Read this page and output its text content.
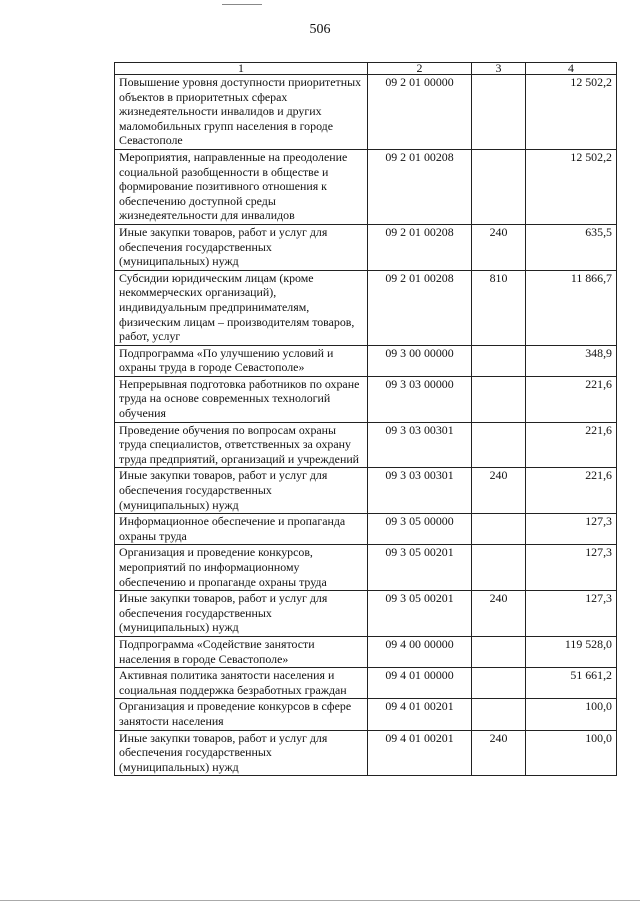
506
1	2	3	4
Повышение уровня доступности приоритетных объектов в приоритетных сферах жизнедеятельности инвалидов и других маломобильных групп населения в городе Севастополе	09 2 01 00000		12 502,2
Мероприятия, направленные на преодоление социальной разобщенности в обществе и формирование позитивного отношения к обеспечению доступной среды жизнедеятельности для инвалидов	09 2 01 00208		12 502,2
Иные закупки товаров, работ и услуг для обеспечения государственных (муниципальных) нужд	09 2 01 00208	240	635,5
Субсидии юридическим лицам (кроме некоммерческих организаций), индивидуальным предпринимателям, физическим лицам – производителям товаров, работ, услуг	09 2 01 00208	810	11 866,7
Подпрограмма «По улучшению условий и охраны труда в городе Севастополе»	09 3 00 00000		348,9
Непрерывная подготовка работников по охране труда на основе современных технологий обучения	09 3 03 00000		221,6
Проведение обучения по вопросам охраны труда специалистов, ответственных за охрану труда предприятий, организаций и учреждений	09 3 03 00301		221,6
Иные закупки товаров, работ и услуг для обеспечения государственных (муниципальных) нужд	09 3 03 00301	240	221,6
Информационное обеспечение и пропаганда охраны труда	09 3 05 00000		127,3
Организация и проведение конкурсов, мероприятий по информационному обеспечению и пропаганде охраны труда	09 3 05 00201		127,3
Иные закупки товаров, работ и услуг для обеспечения государственных (муниципальных) нужд	09 3 05 00201	240	127,3
Подпрограмма «Содействие занятости населения в городе Севастополе»	09 4 00 00000		119 528,0
Активная политика занятости населения и социальная поддержка безработных граждан	09 4 01 00000		51 661,2
Организация и проведение конкурсов в сфере занятости населения	09 4 01 00201		100,0
Иные закупки товаров, работ и услуг для обеспечения государственных (муниципальных) нужд	09 4 01 00201	240	100,0
